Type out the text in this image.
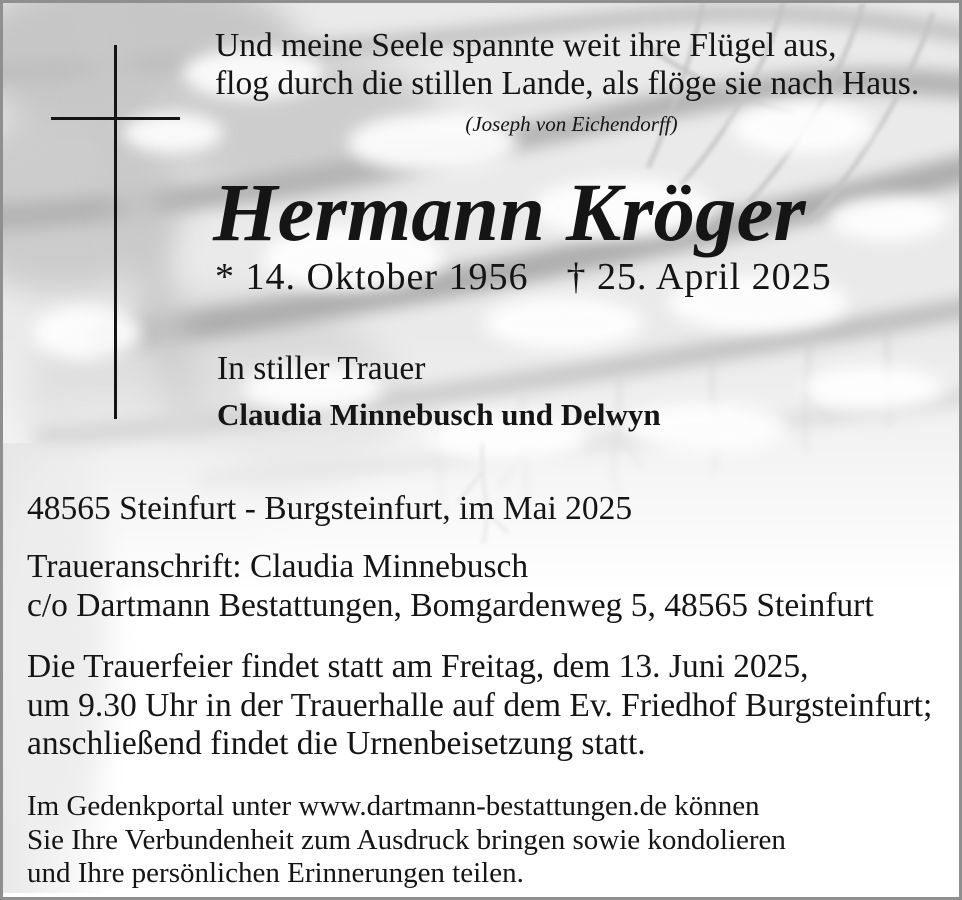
Und meine Seele spannte weit ihre Flügel aus,
flog durch die stillen Lande, als flöge sie nach Haus.
(Joseph von Eichendorff)
Hermann Kröger
* 14. Oktober 1956 † 25. April 2025
In stiller Trauer
Claudia Minnebusch und Delwyn
48565 Steinfurt - Burgsteinfurt, im Mai 2025
Traueranschrift: Claudia Minnebusch
c/o Dartmann Bestattungen, Bomgardenweg 5, 48565 Steinfurt
Die Trauerfeier findet statt am Freitag, dem 13. Juni 2025,
um 9.30 Uhr in der Trauerhalle auf dem Ev. Friedhof Burgsteinfurt;
anschließend findet die Urnenbeisetzung statt.
Im Gedenkportal unter www.dartmann-bestattungen.de können
Sie Ihre Verbundenheit zum Ausdruck bringen sowie kondolieren
und Ihre persönlichen Erinnerungen teilen.
